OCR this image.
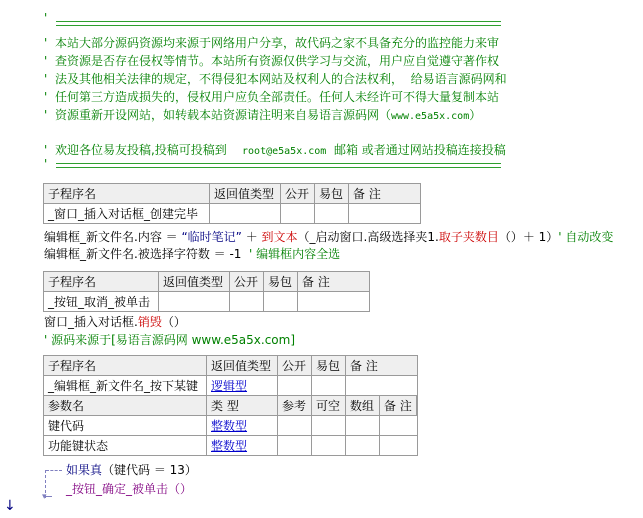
'
'  本站大部分源码资源均来源于网络用户分享，故代码之家不具备充分的监控能力来审
'  查资源是否存在侵权等情节。本站所有资源仅供学习与交流，用户应自觉遵守著作权
'  法及其他相关法律的规定，不得侵犯本网站及权利人的合法权利，  给易语言源码网和
'  任何第三方造成损失的，侵权用户应负全部责任。任何人未经许可不得大量复制本站
'  资源重新开设网站，如转载本站资源请注明来自易语言源码网（www.e5a5x.com）
'  欢迎各位易友投稿,投稿可投稿到    root@e5a5x.com  邮箱 或者通过网站投稿连接投稿
'
子程序名	返回值类型	公开	易包	备 注
_窗口_插入对话框_创建完毕				
编辑框_新文件名.内容 ＝ “临时笔记” ＋ 到文本（_启动窗口.高级选择夹1.取子夹数目（）＋ 1）' 自动改变
编辑框_新文件名.被选择字符数 ＝ -1  ' 编辑框内容全选
子程序名	返回值类型	公开	易包	备 注
_按钮_取消_被单击				
窗口_插入对话框.销毁（）
' 源码来源于[易语言源码网 www.e5a5x.com]
子程序名	返回值类型	公开	易包	备 注		
_编辑框_新文件名_按下某键	逻辑型					
参数名	类 型	参考	可空	数组	备 注	
键代码	整数型					
功能键状态	整数型					
▾
如果真（键代码 ＝ 13）
_按钮_确定_被单击（）
↓
